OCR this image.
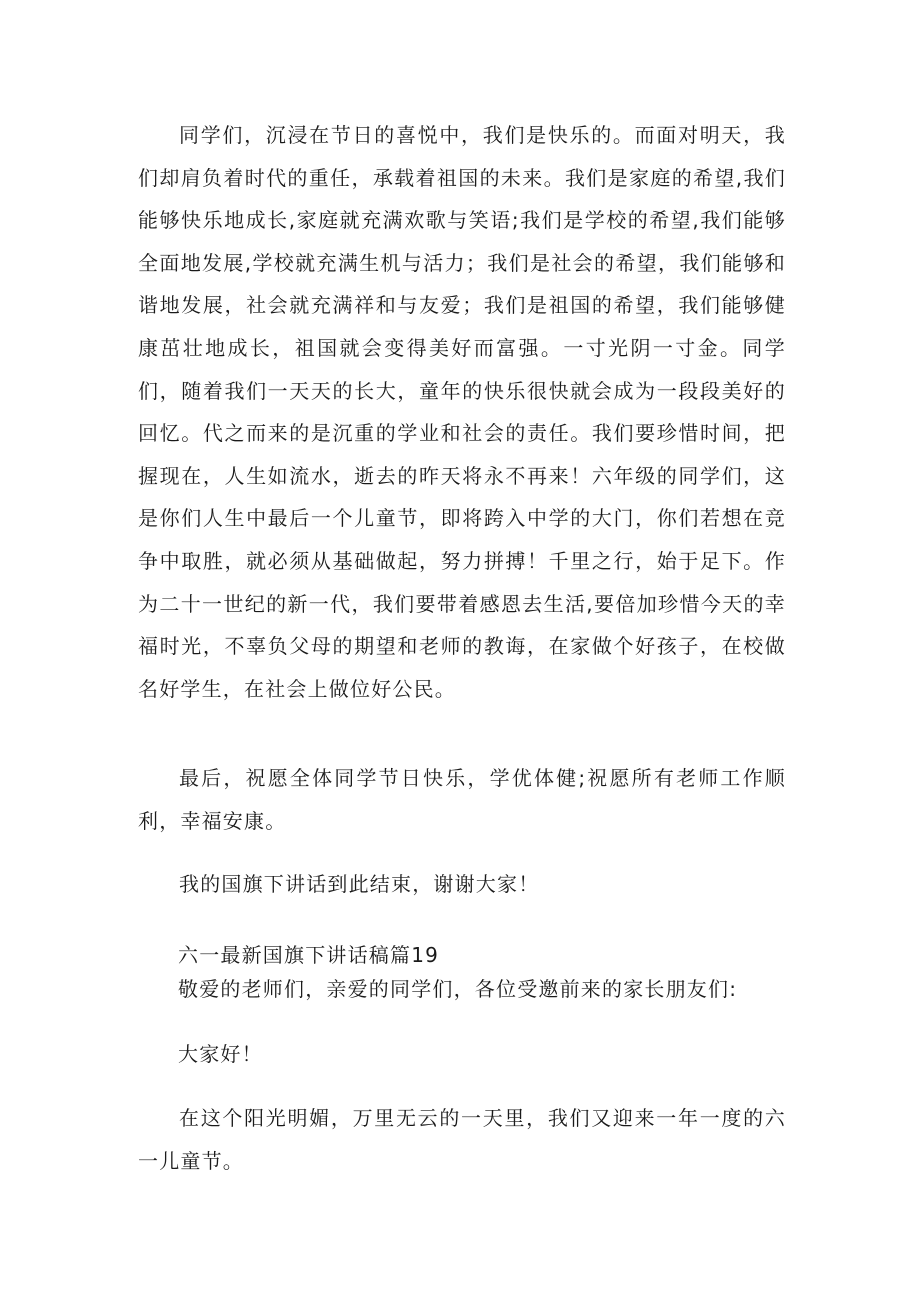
同学们，沉浸在节日的喜悦中，我们是快乐的。而面对明天，我们却肩负着时代的重任，承载着祖国的未来。我们是家庭的希望,我们能够快乐地成长,家庭就充满欢歌与笑语;我们是学校的希望,我们能够全面地发展,学校就充满生机与活力；我们是社会的希望，我们能够和谐地发展，社会就充满祥和与友爱；我们是祖国的希望，我们能够健康茁壮地成长，祖国就会变得美好而富强。一寸光阴一寸金。同学们，随着我们一天天的长大，童年的快乐很快就会成为一段段美好的回忆。代之而来的是沉重的学业和社会的责任。我们要珍惜时间，把握现在，人生如流水，逝去的昨天将永不再来！六年级的同学们，这是你们人生中最后一个儿童节，即将跨入中学的大门，你们若想在竞争中取胜，就必须从基础做起，努力拼搏！千里之行，始于足下。作为二十一世纪的新一代，我们要带着感恩去生活,要倍加珍惜今天的幸福时光，不辜负父母的期望和老师的教诲，在家做个好孩子，在校做名好学生，在社会上做位好公民。

最后，祝愿全体同学节日快乐，学优体健;祝愿所有老师工作顺利，幸福安康。

我的国旗下讲话到此结束，谢谢大家！

六一最新国旗下讲话稿篇19

敬爱的老师们，亲爱的同学们，各位受邀前来的家长朋友们:

大家好！

在这个阳光明媚，万里无云的一天里，我们又迎来一年一度的六一儿童节。
